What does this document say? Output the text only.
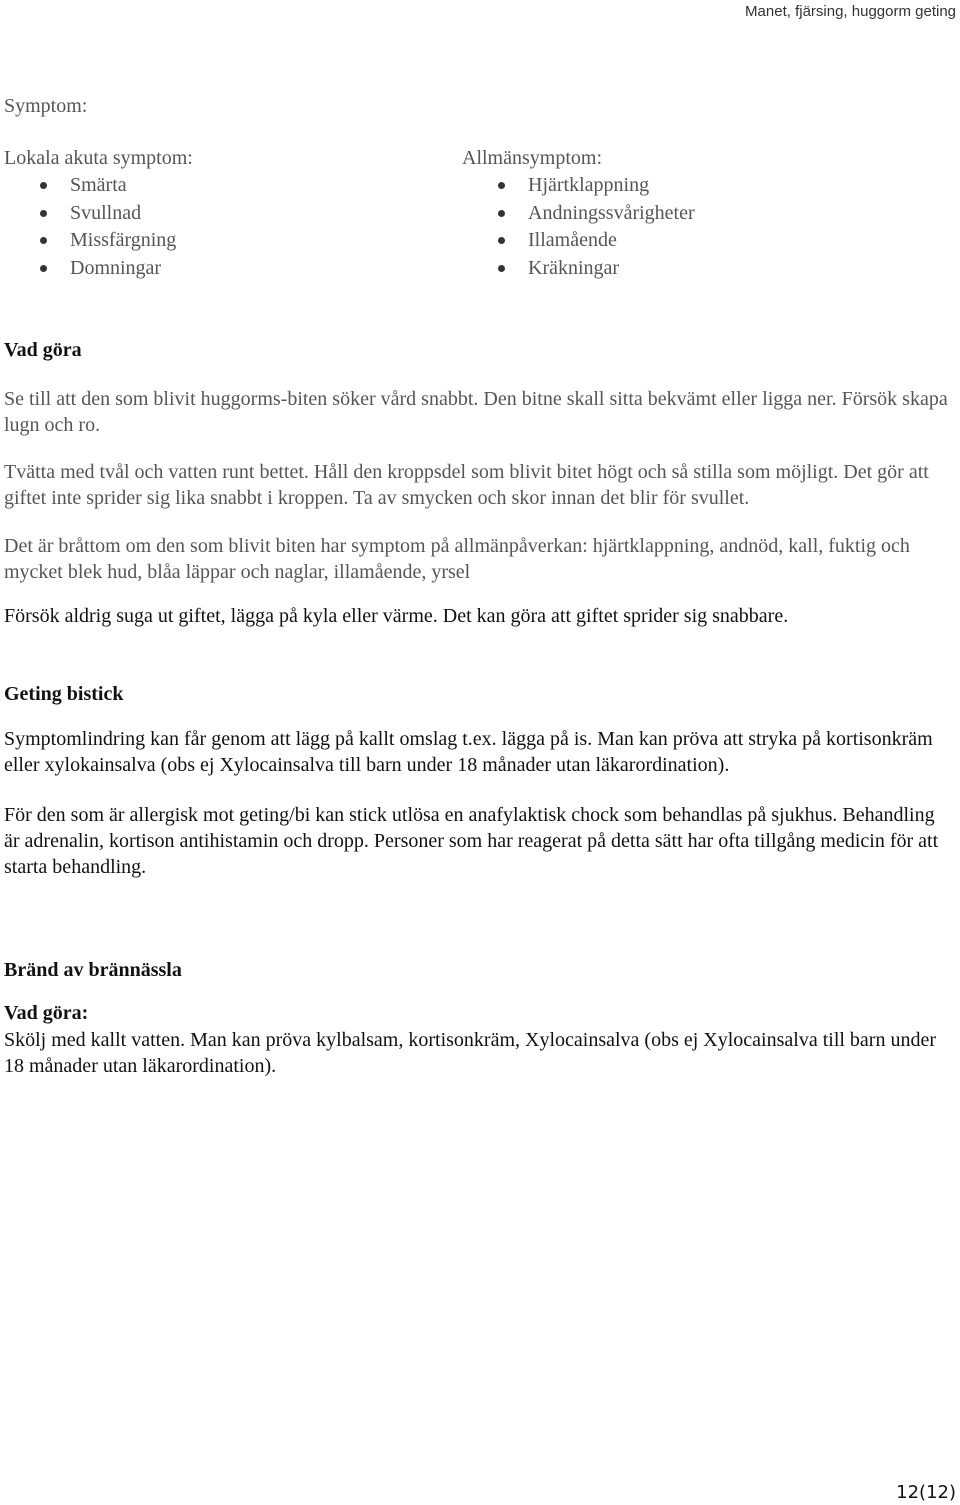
Manet, fjärsing, huggorm geting
Symptom:
Lokala akuta symptom:
Smärta
Svullnad
Missfärgning
Domningar
Allmänsymptom:
Hjärtklappning
Andningssvårigheter
Illamående
Kräkningar
Vad göra

Se till att den som blivit huggorms-biten söker vård snabbt. Den bitne skall sitta bekvämt eller ligga ner. Försök skapa lugn och ro.

Tvätta med tvål och vatten runt bettet. Håll den kroppsdel som blivit bitet högt och så stilla som möjligt. Det gör att giftet inte sprider sig lika snabbt i kroppen. Ta av smycken och skor innan det blir för svullet.

Det är bråttom om den som blivit biten har symptom på allmänpåverkan: hjärtklappning, andnöd, kall, fuktig och mycket blek hud, blåa läppar och naglar, illamående, yrsel

Försök aldrig suga ut giftet, lägga på kyla eller värme. Det kan göra att giftet sprider sig snabbare.

Geting bistick

Symptomlindring kan får genom att lägg på kallt omslag t.ex. lägga på is. Man kan pröva att stryka på kortisonkräm eller xylokainsalva (obs ej Xylocainsalva till barn under 18 månader utan läkarordination).

För den som är allergisk mot geting/bi kan stick utlösa en anafylaktisk chock som behandlas på sjukhus. Behandling är adrenalin, kortison antihistamin och dropp. Personer som har reagerat på detta sätt har ofta tillgång medicin för att starta behandling.

Bränd av brännässla
Vad göra:

Skölj med kallt vatten. Man kan pröva kylbalsam, kortisonkräm, Xylocainsalva (obs ej Xylocainsalva till barn under 18 månader utan läkarordination).

12(12)
